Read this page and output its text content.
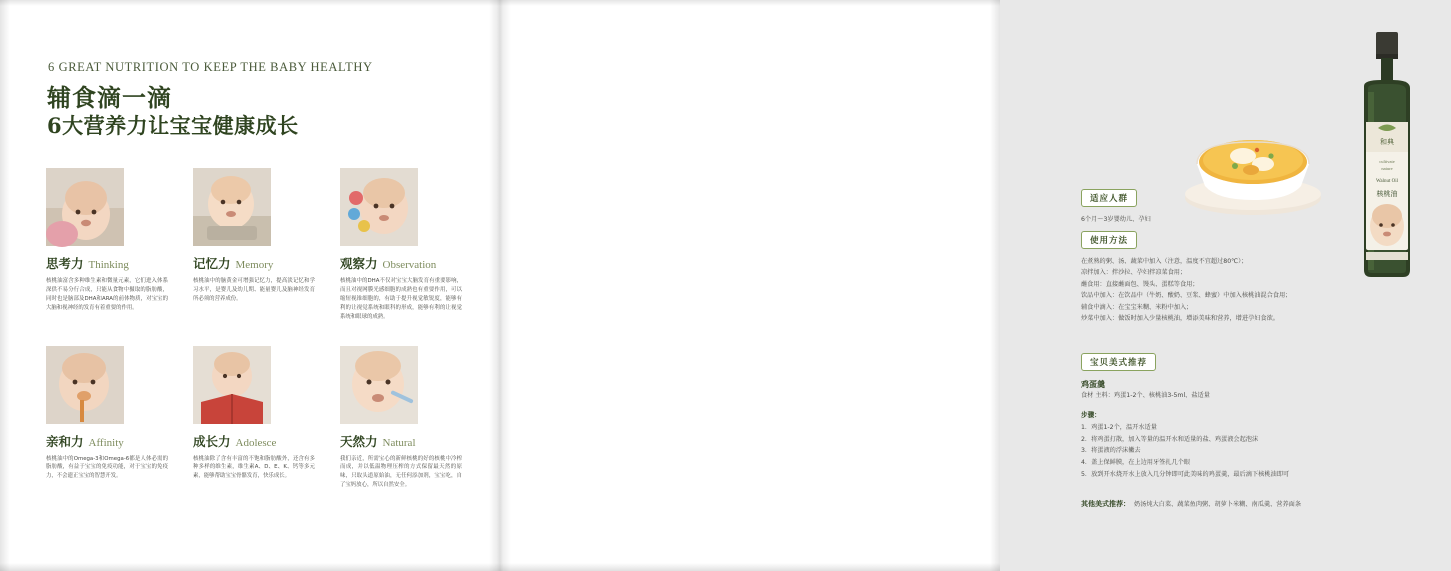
6 GREAT NUTRITION TO KEEP THE BABY HEALTHY
辅食滴一滴
6大营养力让宝宝健康成长
思考力 Thinking
核桃油富含多种维生素和微量元素，它们进入体系深供不易分行合成，只能从食物中摄取的脂肪酸，同时也是脑部及DHA和ARA的前体物质，对宝宝的大脑和视神经的发育有着重要的作用。
记忆力 Memory
核桃油中的脑黄金可增强记忆力，提高淡记忆和学习水平，是婴儿及幼儿期、能量婴儿及脑神经发育所必须的营养成份。
观察力 Observation
核桃油中的DHA不仅对宝宝大脑发育有重要影响，而且对视网膜光感细胞的成熟也有重要作用，可以缩短视锥细胞的，有助于提升视觉敏锐度，能够有利的让视觉系统和眼科的形成，能够有利的让视觉系统和眼球的成熟。
亲和力 Affinity
核桃油中的Omega-3和Omega-6都是人体必需的脂肪酸，有益于宝宝的免疫功能，对于宝宝的免疫力，不会遗正宝宝的智慧开发。
成长力 Adolesce
核桃油除了含有丰富的不饱和脂肪酸外，还含有多种多样的维生素，维生素A、D、E、K、钙等多元素，能够帮助宝宝骨骼发育，快乐成长。
天然力 Natural
我们亲近，所需宝心的新鲜核桃的好的核桃中冷榨而成，并以低温物理压榨的方式保留最天然的原味，只取头道原始油，无任何添加剂，宝宝吃，自了宝妈放心，所以自然安全。
和典
cultivate
nature
Walnut Oil
核桃油
适应人群
6个月～3岁婴幼儿、孕妇
使用方法
在煮熟的粥、汤、蔬菜中加入（注意，温度不宜超过80℃）；
凉拌加入：拌沙拉、孕妇拌凉菜食用；
蘸食用：直接蘸面包、馒头、蛋糕等食用；
饮品中加入：在饮品中（牛奶、酸奶、豆浆、蜂蜜）中加入核桃油混合食用；
辅食中滴入：在宝宝米糊、米粉中加入；
炒菜中加入：做饭时加入少量核桃油，增添美味和营养，增进孕妇食欲。
宝贝美式推荐
鸡蛋羹
食材 主料：鸡蛋1-2个、核桃油3-5ml、盐适量
步骤：
1．鸡蛋1-2个，温开水适量
2．将鸡蛋打散，加入等量的温开水和适量的盐、鸡蛋液会起泡沫
3．将蛋液的浮沫撇去
4．盖上保鲜膜，在上边用牙签扎几个眼
5．放到开水烧开水上放入几分钟即可此美味的鸡蛋羹，最后滴下核桃油即可
其他美式推荐： 奶汤炖大白菜、蔬菜鱼肉粥、胡萝卜米糊、南瓜羹、营养面条
